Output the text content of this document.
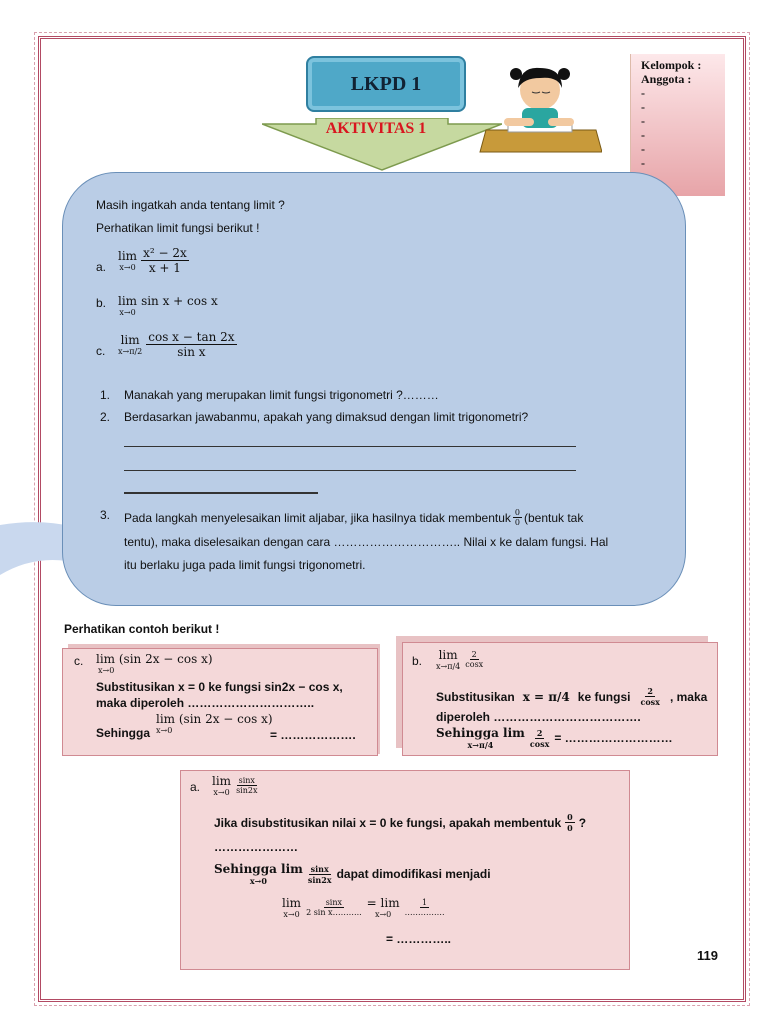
LKPD 1
AKTIVITAS 1
Kelompok :
Anggota :
-
-
-
-
-
-
Masih ingatkah anda tentang limit ?
Perhatikan limit fungsi berikut !
a.
lim
$x\to 0 \frac{\text{x² − 2x}}{x + 1}$
b. lim
x→0
sin x + cos x
c.
lim
$x\to\pi/2 \frac{\text{cos x − tan 2x}}{\text{sin x}}$
1. Manakah yang merupakan limit fungsi trigonometri ?………
2. Berdasarkan jawabanmu, apakah yang dimaksud dengan limit trigonometri?
3. Pada langkah menyelesaikan limit aljabar, jika hasilnya tidak membentuk $\frac{0}{0}$ (bentuk tak
tentu), maka diselesaikan dengan cara ………………………….. Nilai x ke dalam fungsi. Hal
itu berlaku juga pada limit fungsi trigonometri.
Perhatikan contoh berikut !
c. lim (sin 2x − cos x)
x→0
Substitusikan x = 0 ke fungsi sin2x − cos x,
maka diperoleh …………………………..
Sehingga
lim (sin 2x − cos x)
x→0	= ……………….
b. lim
$x\to\pi/4 \frac{2}{\cos x}$
Substitusikan x = π/4 ke fungsi $\frac{2}{\cos x}$ , maka
diperoleh ……………………………….
Sehingga lim
x→π/4	$\frac{2}{\cos x}$ = ………………………
a. lim
$x\to 0 \frac{\sin x}{\sin 2x}$
Jika disubstitusikan nilai x = 0 ke fungsi, apakah membentuk $\frac{0}{0}$ ?
…………………
Sehingga lim
x→0	$\frac{\sin x}{\sin 2x}$ dapat dimodifikasi menjadi
lim
$x\to 0 \frac{\sin x}{\text{2 sin x………..}} = \lim$
$x\to 0 \frac{1}{\dots\dots\dots\dots\dots}$
= …………..
119
